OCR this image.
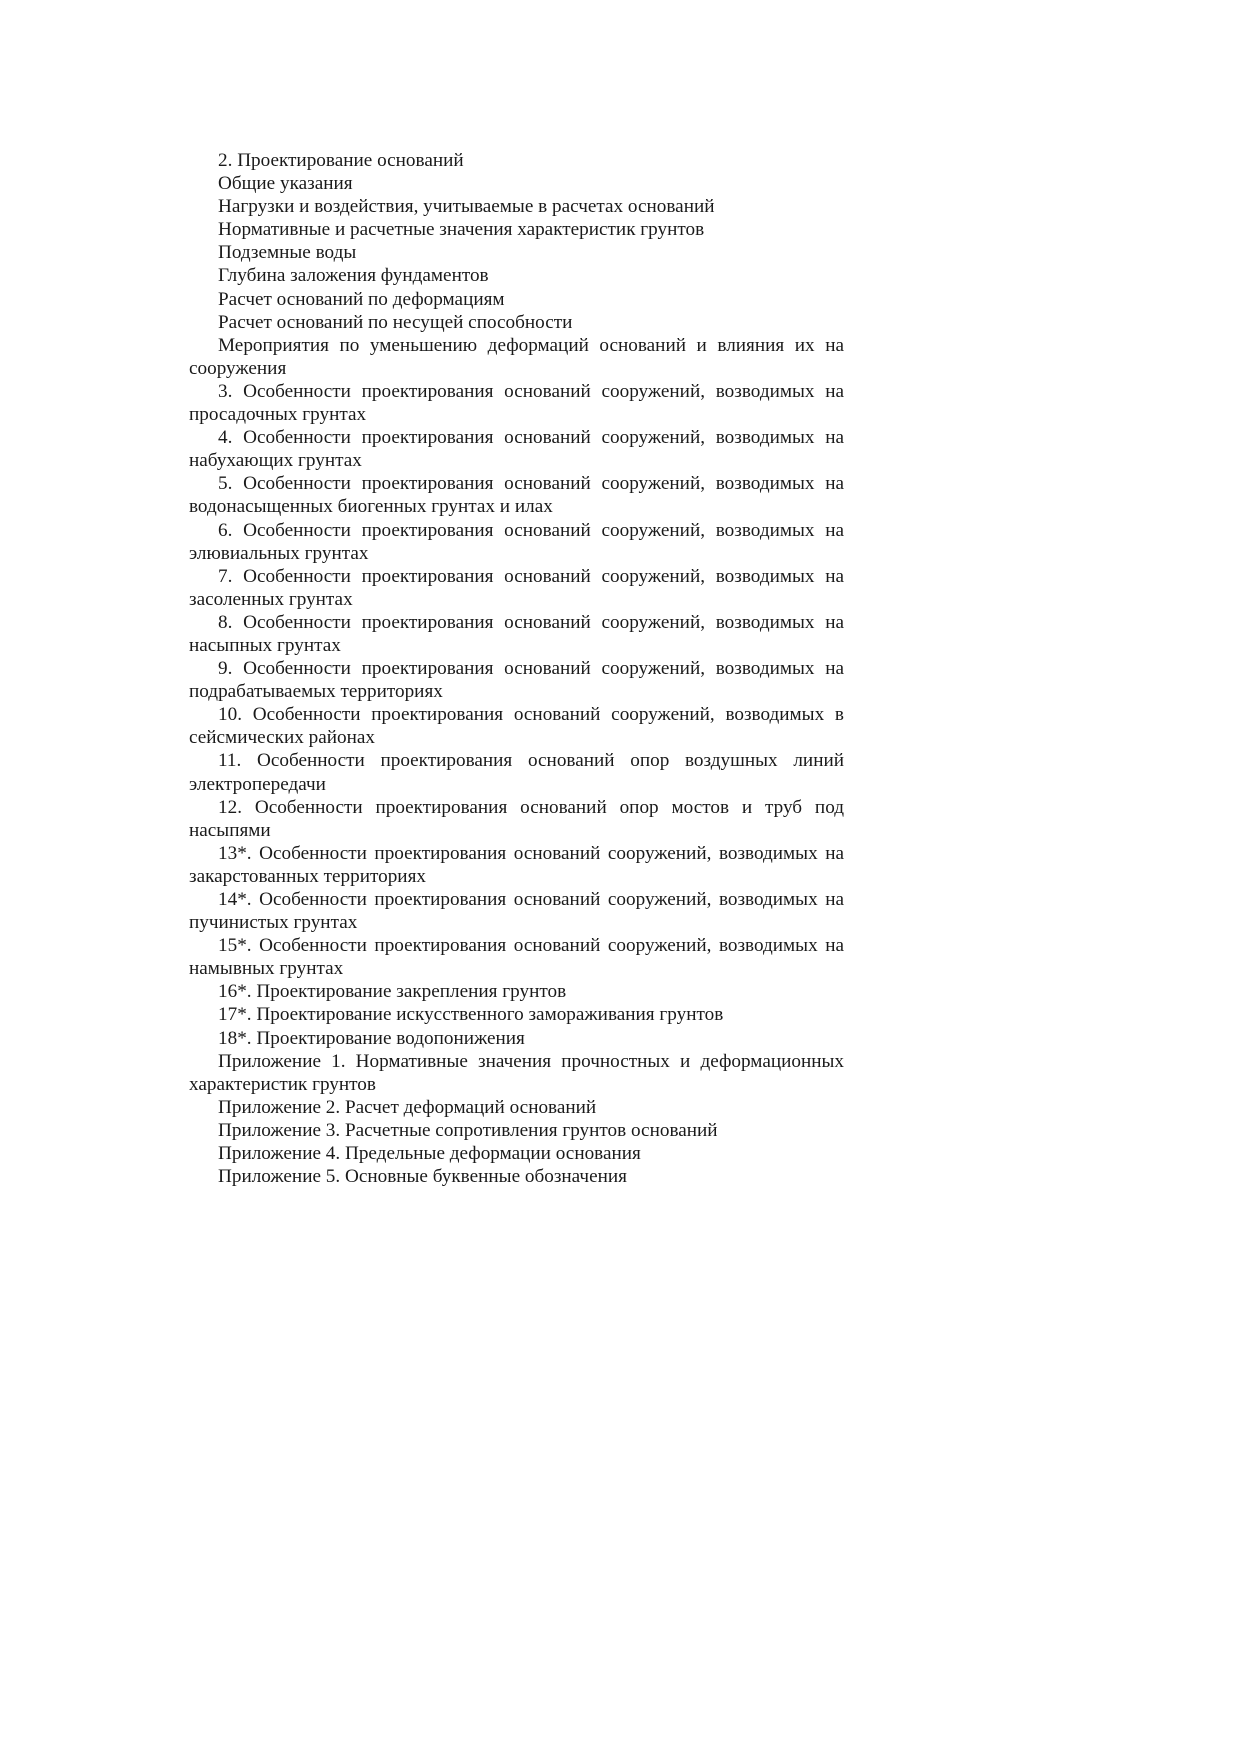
2. Проектирование оснований

Общие указания

Нагрузки и воздействия, учитываемые в расчетах оснований

Нормативные и расчетные значения характеристик грунтов

Подземные воды

Глубина заложения фундаментов

Расчет оснований по деформациям

Расчет оснований по несущей способности

Мероприятия по уменьшению деформаций оснований и влияния их на сооружения

3. Особенности проектирования оснований сооружений, возводимых на просадочных грунтах

4. Особенности проектирования оснований сооружений, возводимых на набухающих грунтах

5. Особенности проектирования оснований сооружений, возводимых на водонасыщенных биогенных грунтах и илах

6. Особенности проектирования оснований сооружений, возводимых на элювиальных грунтах

7. Особенности проектирования оснований сооружений, возводимых на засоленных грунтах

8. Особенности проектирования оснований сооружений, возводимых на насыпных грунтах

9. Особенности проектирования оснований сооружений, возводимых на подрабатываемых территориях

10. Особенности проектирования оснований сооружений, возводимых в сейсмических районах

11. Особенности проектирования оснований опор воздушных линий электропередачи

12. Особенности проектирования оснований опор мостов и труб под насыпями

13*. Особенности проектирования оснований сооружений, возводимых на закарстованных территориях

14*. Особенности проектирования оснований сооружений, возводимых на пучинистых грунтах

15*. Особенности проектирования оснований сооружений, возводимых на намывных грунтах

16*. Проектирование закрепления грунтов

17*. Проектирование искусственного замораживания грунтов

18*. Проектирование водопонижения

Приложение 1. Нормативные значения прочностных и деформационных характеристик грунтов

Приложение 2. Расчет деформаций оснований

Приложение 3. Расчетные сопротивления грунтов оснований

Приложение 4. Предельные деформации основания

Приложение 5. Основные буквенные обозначения
